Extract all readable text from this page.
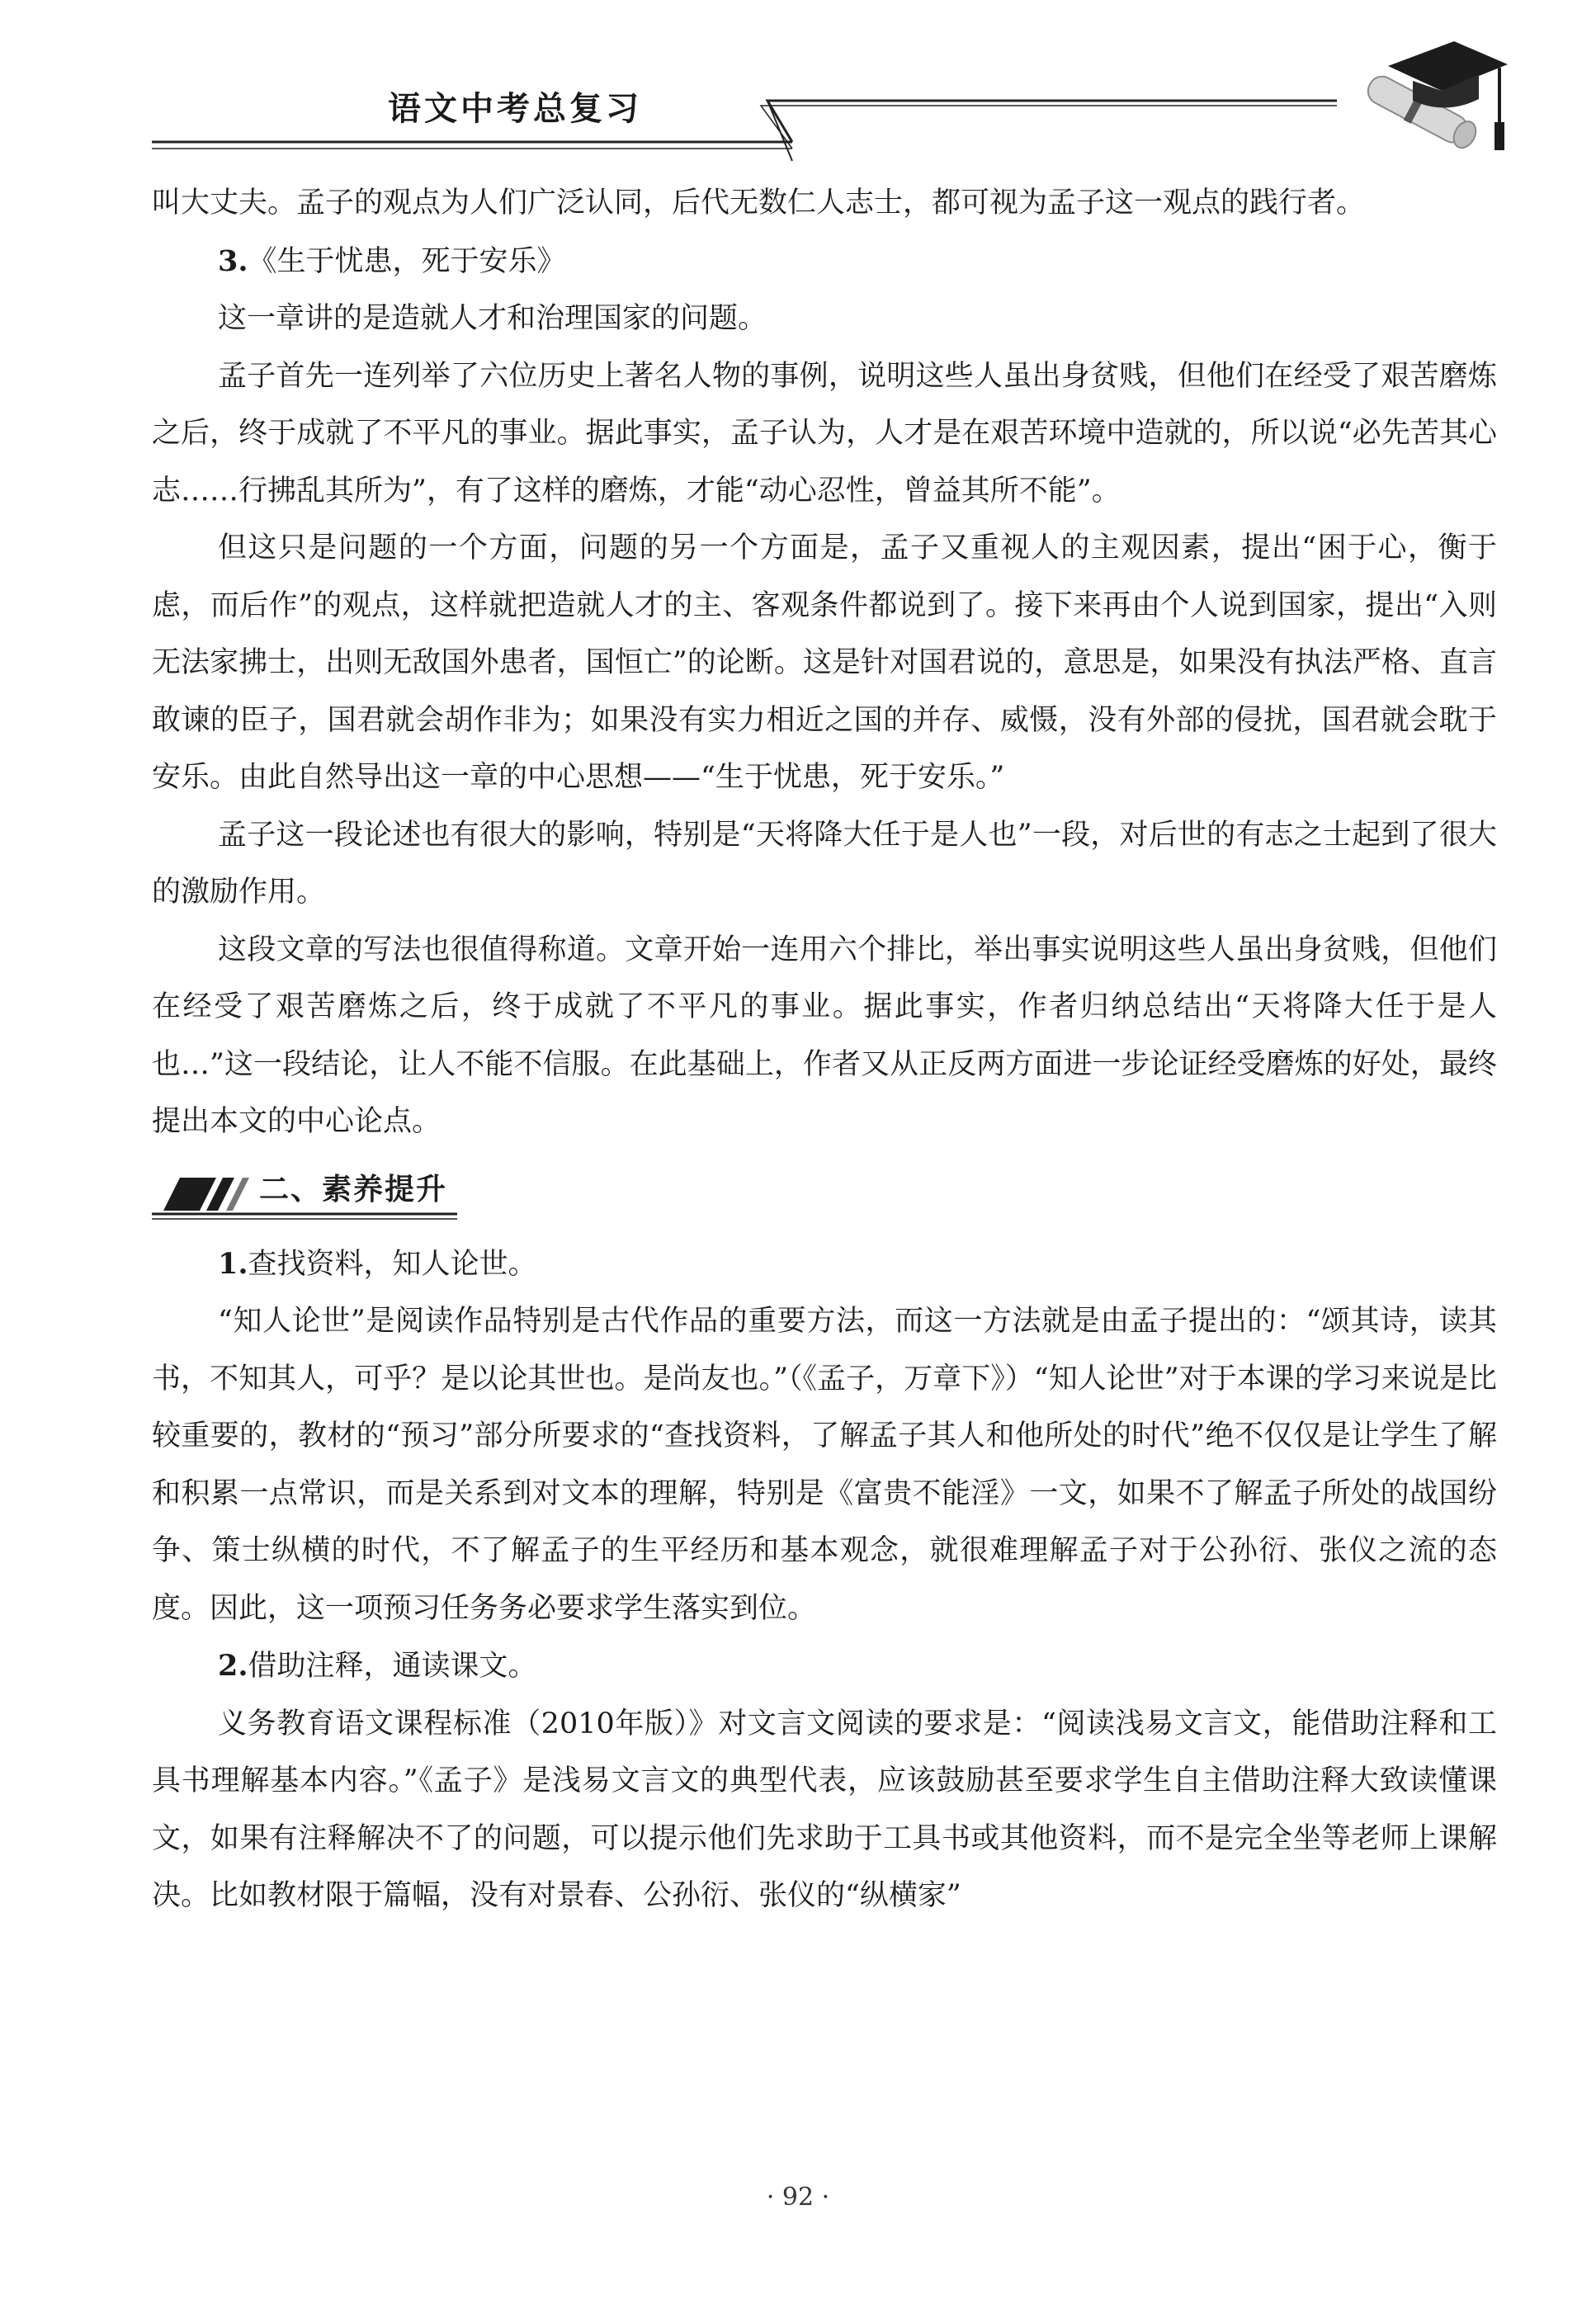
语文中考总复习

叫大丈夫。孟子的观点为人们广泛认同，后代无数仁人志士，都可视为孟子这一观点的践行者。

3.《生于忧患，死于安乐》

这一章讲的是造就人才和治理国家的问题。

孟子首先一连列举了六位历史上著名人物的事例，说明这些人虽出身贫贱，但他们在经受了艰苦磨炼之后，终于成就了不平凡的事业。据此事实，孟子认为，人才是在艰苦环境中造就的，所以说“必先苦其心志……行拂乱其所为”，有了这样的磨炼，才能“动心忍性，曾益其所不能”。

但这只是问题的一个方面，问题的另一个方面是，孟子又重视人的主观因素，提出“困于心，衡于虑，而后作”的观点，这样就把造就人才的主、客观条件都说到了。接下来再由个人说到国家，提出“入则无法家拂士，出则无敌国外患者，国恒亡”的论断。这是针对国君说的，意思是，如果没有执法严格、直言敢谏的臣子，国君就会胡作非为；如果没有实力相近之国的并存、威慑，没有外部的侵扰，国君就会耽于安乐。由此自然导出这一章的中心思想——“生于忧患，死于安乐。”

孟子这一段论述也有很大的影响，特别是“天将降大任于是人也”一段，对后世的有志之士起到了很大的激励作用。

这段文章的写法也很值得称道。文章开始一连用六个排比，举出事实说明这些人虽出身贫贱，但他们在经受了艰苦磨炼之后，终于成就了不平凡的事业。据此事实，作者归纳总结出“天将降大任于是人也…”这一段结论，让人不能不信服。在此基础上，作者又从正反两方面进一步论证经受磨炼的好处，最终提出本文的中心论点。

二、素养提升

1.查找资料，知人论世。

“知人论世”是阅读作品特别是古代作品的重要方法，而这一方法就是由孟子提出的：“颂其诗，读其书，不知其人，可乎？是以论其世也。是尚友也。”（《孟子，万章下》）“知人论世”对于本课的学习来说是比较重要的，教材的“预习”部分所要求的“查找资料，了解孟子其人和他所处的时代”绝不仅仅是让学生了解和积累一点常识，而是关系到对文本的理解，特别是《富贵不能淫》一文，如果不了解孟子所处的战国纷争、策士纵横的时代，不了解孟子的生平经历和基本观念，就很难理解孟子对于公孙衍、张仪之流的态度。因此，这一项预习任务务必要求学生落实到位。

2.借助注释，通读课文。

义务教育语文课程标准（2010年版）》对文言文阅读的要求是：“阅读浅易文言文，能借助注释和工具书理解基本内容。”《孟子》是浅易文言文的典型代表，应该鼓励甚至要求学生自主借助注释大致读懂课文，如果有注释解决不了的问题，可以提示他们先求助于工具书或其他资料，而不是完全坐等老师上课解决。比如教材限于篇幅，没有对景春、公孙衍、张仪的“纵横家”

· 92 ·
